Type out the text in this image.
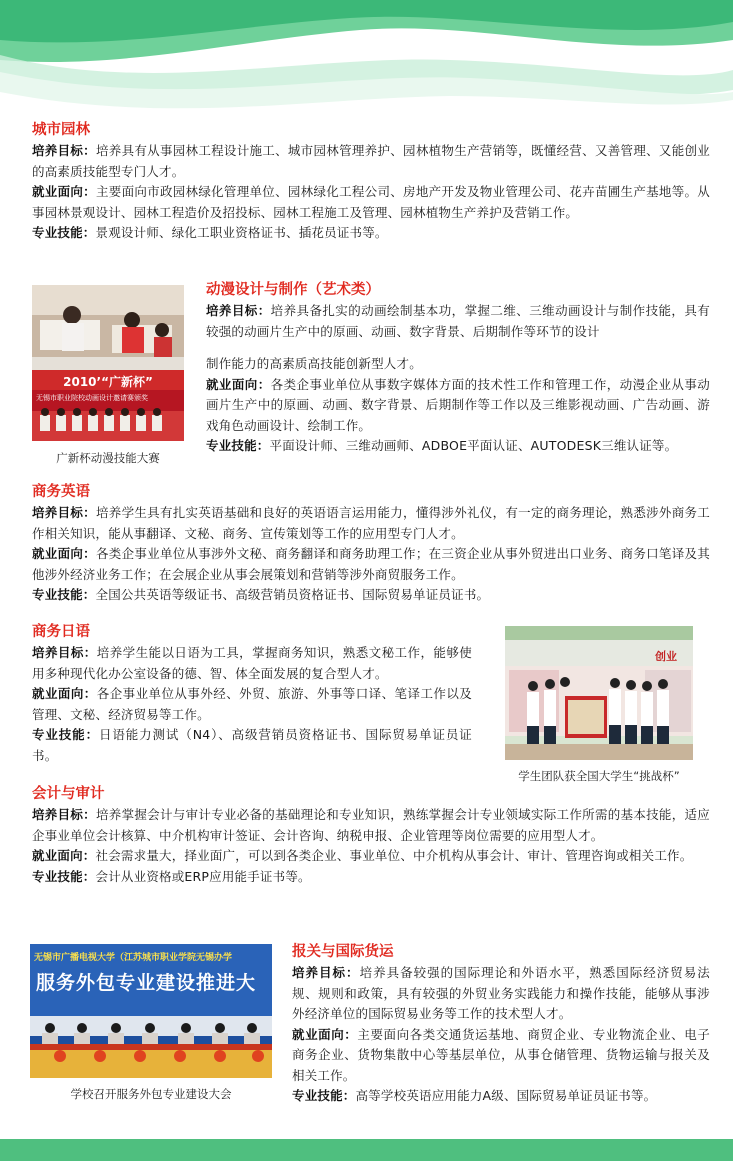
城市园林

培养目标：培养具有从事园林工程设计施工、城市园林管理养护、园林植物生产营销等，既懂经营、又善管理、又能创业的高素质技能型专门人才。

就业面向：主要面向市政园林绿化管理单位、园林绿化工程公司、房地产开发及物业管理公司、花卉苗圃生产基地等。从事园林景观设计、园林工程造价及招投标、园林工程施工及管理、园林植物生产养护及营销工作。

专业技能：景观设计师、绿化工职业资格证书、插花员证书等。

2010’“广新杯”
无锡市职业院校动画设计邀请赛颁奖
广新杯动漫技能大赛
动漫设计与制作（艺术类）

培养目标：培养具备扎实的动画绘制基本功，掌握二维、三维动画设计与制作技能，具有较强的动画片生产中的原画、动画、数字背景、后期制作等环节的设计

制作能力的高素质高技能创新型人才。

就业面向：各类企事业单位从事数字媒体方面的技术性工作和管理工作，动漫企业从事动画片生产中的原画、动画、数字背景、后期制作等工作以及三维影视动画、广告动画、游戏角色动画设计、绘制工作。

专业技能：平面设计师、三维动画师、ADBOE平面认证、AUTODESK三维认证等。

商务英语

培养目标：培养学生具有扎实英语基础和良好的英语语言运用能力，懂得涉外礼仪，有一定的商务理论，熟悉涉外商务工作相关知识，能从事翻译、文秘、商务、宣传策划等工作的应用型专门人才。

就业面向：各类企事业单位从事涉外文秘、商务翻译和商务助理工作；在三资企业从事外贸进出口业务、商务口笔译及其他涉外经济业务工作；在会展企业从事会展策划和营销等涉外商贸服务工作。

专业技能：全国公共英语等级证书、高级营销员资格证书、国际贸易单证员证书。

商务日语

培养目标：培养学生能以日语为工具，掌握商务知识，熟悉文秘工作，能够使用多种现代化办公室设备的德、智、体全面发展的复合型人才。

就业面向：各企事业单位从事外经、外贸、旅游、外事等口译、笔译工作以及管理、文秘、经济贸易等工作。

专业技能：日语能力测试（N4）、高级营销员资格证书、国际贸易单证员证书。

创业
学生团队获全国大学生“挑战杯”
会计与审计

培养目标：培养掌握会计与审计专业必备的基础理论和专业知识，熟练掌握会计专业领域实际工作所需的基本技能，适应企事业单位会计核算、中介机构审计签证、会计咨询、纳税申报、企业管理等岗位需要的应用型人才。

就业面向：社会需求量大，择业面广，可以到各类企业、事业单位、中介机构从事会计、审计、管理咨询或相关工作。

专业技能：会计从业资格或ERP应用能手证书等。

无锡市广播电视大学（江苏城市职业学院无锡办学
服务外包专业建设推进大
学校召开服务外包专业建设大会
报关与国际货运

培养目标：培养具备较强的国际理论和外语水平，熟悉国际经济贸易法规、规则和政策，具有较强的外贸业务实践能力和操作技能，能够从事涉外经济单位的国际贸易业务等工作的技术型人才。

就业面向：主要面向各类交通货运基地、商贸企业、专业物流企业、电子商务企业、货物集散中心等基层单位，从事仓储管理、货物运输与报关及相关工作。

专业技能：高等学校英语应用能力A级、国际贸易单证员证书等。
